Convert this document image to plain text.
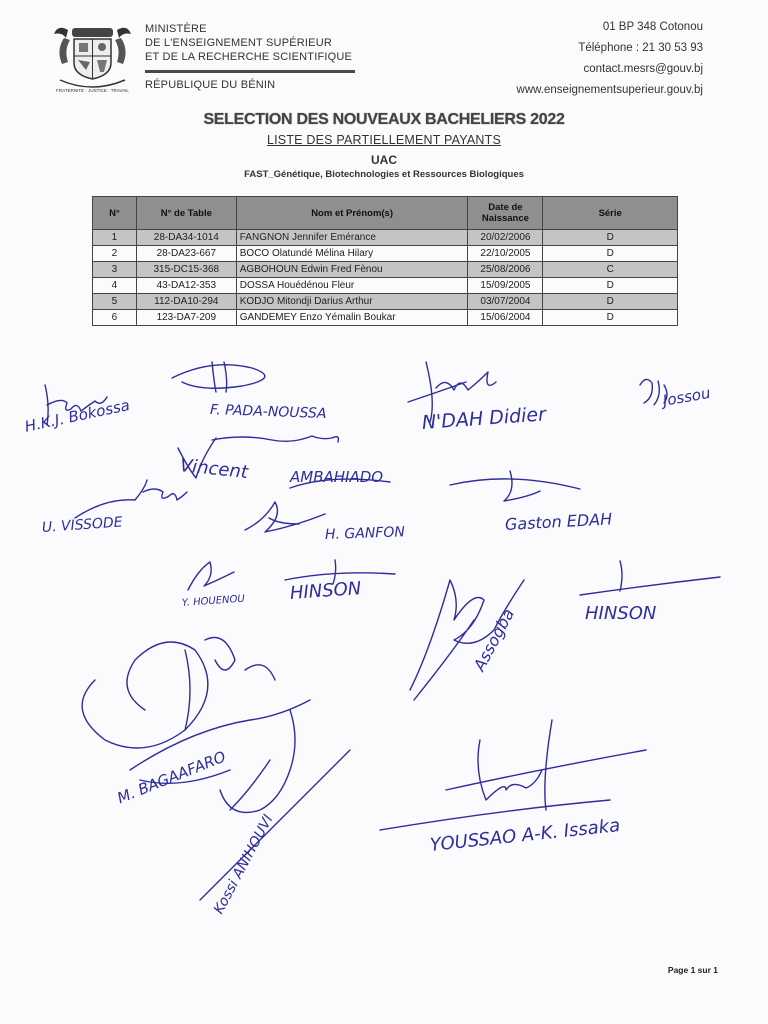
FRATERNITÉ · JUSTICE · TRAVAIL
MINISTÈRE
DE L'ENSEIGNEMENT SUPÉRIEUR
ET DE LA RECHERCHE SCIENTIFIQUE
RÉPUBLIQUE DU BÉNIN
01 BP 348 Cotonou
Téléphone : 21 30 53 93
contact.mesrs@gouv.bj
www.enseignementsuperieur.gouv.bj
SELECTION DES NOUVEAUX BACHELIERS 2022
LISTE DES PARTIELLEMENT PAYANTS
UAC
FAST_Génétique, Biotechnologies et Ressources Biologiques
N°	N° de Table	Nom et Prénom(s)	Date de Naissance	Série
1	28-DA34-1014	FANGNON Jennifer Emérance	20/02/2006	D
2	28-DA23-667	BOCO Olatundé Mélina Hilary	22/10/2005	D
3	315-DC15-368	AGBOHOUN Edwin Fred Fènou	25/08/2006	C
4	43-DA12-353	DOSSA Houédénou Fleur	15/09/2005	D
5	112-DA10-294	KODJO Mitondji Darius Arthur	03/07/2004	D
6	123-DA7-209	GANDEMEY Enzo Yémalin Boukar	15/06/2004	D
H.K.J. Bokossa	F. PADA-NOUSSA	N'DAH Didier
Jossou
Vincent	AMBAHIADO
Gaston EDAH
U. VISSODE	H. GANFON
Y. HOUENOU HINSON
HINSON
Assogba
M. BAGAAFARO
Kossi ANIHOUVI	YOUSSAO A-K. Issaka
Page 1 sur 1
